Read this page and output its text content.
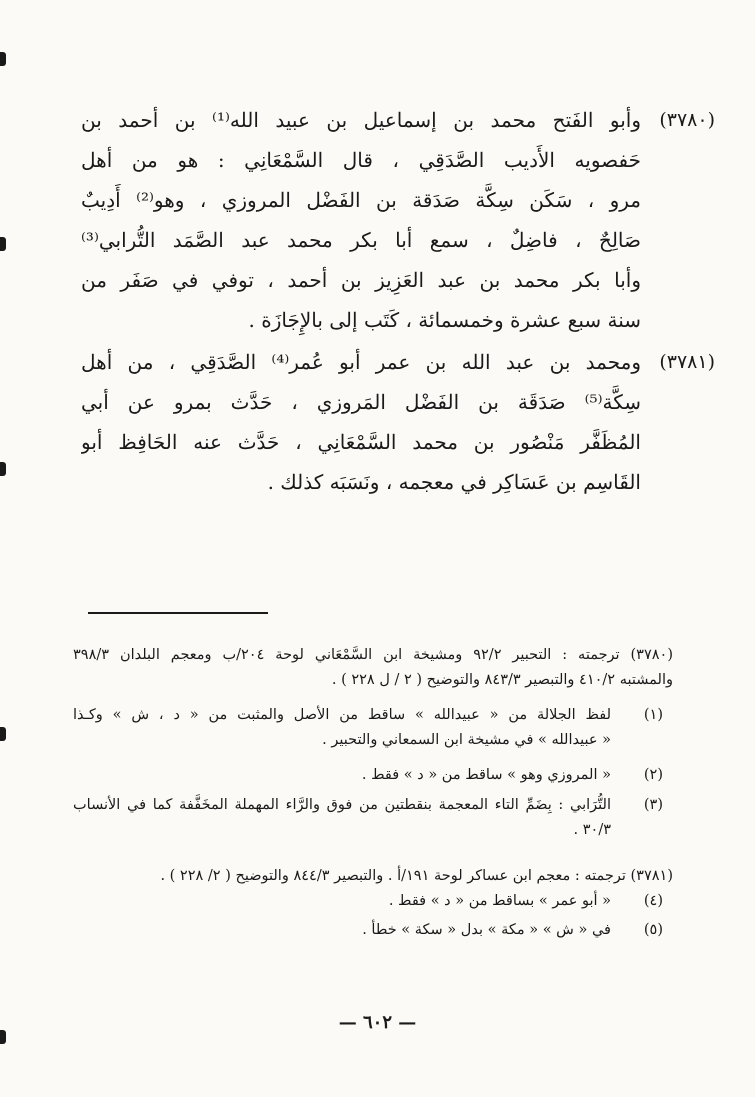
(٣٧٨٠)
وأبو الفَتح محمد بن إسماعيل بن عبيد الله⁽¹⁾ بن أحمد بن
حَفصويه الأَديب الصَّدَقِي ، قال السَّمْعَانِي : هو من أهل
مرو ، سَكَن سِكَّة صَدَقة بن الفَضْل المروزي ، وهو⁽²⁾ أَدِيبٌ
صَالِحٌ ، فاضِلٌ ، سمع أبا بكر محمد عبد الصَّمَد التُّرابي⁽³⁾
وأبا بكر محمد بن عبد العَزِيز بن أحمد ، توفي في صَفَر من
سنة سبع عشرة وخمسمائة ، كَتَب إلى بالإِجَازَة .
(٣٧٨١)
ومحمد بن عبد الله بن عمر أبو عُمر⁽⁴⁾ الصَّدَقِي ، من أهل
سِكَّة⁽⁵⁾ صَدَقَة بن الفَضْل المَروزي ، حَدَّث بمرو عن أبي
المُظَفَّر مَنْصُور بن محمد السَّمْعَانِي ، حَدَّث عنه الحَافِظ أبو
القَاسِم بن عَسَاكِر في معجمه ، ونَسَبَه كذلك .
(٣٧٨٠) ترجمته : التحبير ٩٢/٢ ومشيخة ابن السَّمْعَاني لوحة ٢٠٤/ب ومعجم البلدان ٣٩٨/٣
والمشتبه ٤١٠/٢ والتبصير ٨٤٣/٣ والتوضيح ( ٢ / ل ٢٢٨ ) .
(١)
لفظ الجلالة من « عبيدالله » ساقط من الأصل والمثبت من « د ، ش » وكـذا
« عبيدالله » في مشيخة ابن السمعاني والتحبير .
(٢)
« المروزي وهو » ساقط من « د » فقط .
(٣)
التُّرَابي : بِضَمِّ التاء المعجمة بنقطتين من فوق والرَّاء المهملة المخَفَّفة كما في الأنساب
٣٠/٣ .
(٣٧٨١) ترجمته : معجم ابن عساكر لوحة ١٩١/أ . والتبصير ٨٤٤/٣ والتوضيح ( ٢/ ٢٢٨ ) .
(٤)
« أبو عمر » بساقط من « د » فقط .
(٥)
في « ش » « مكة » بدل « سكة » خطأ .
— ٦٠٢ —
